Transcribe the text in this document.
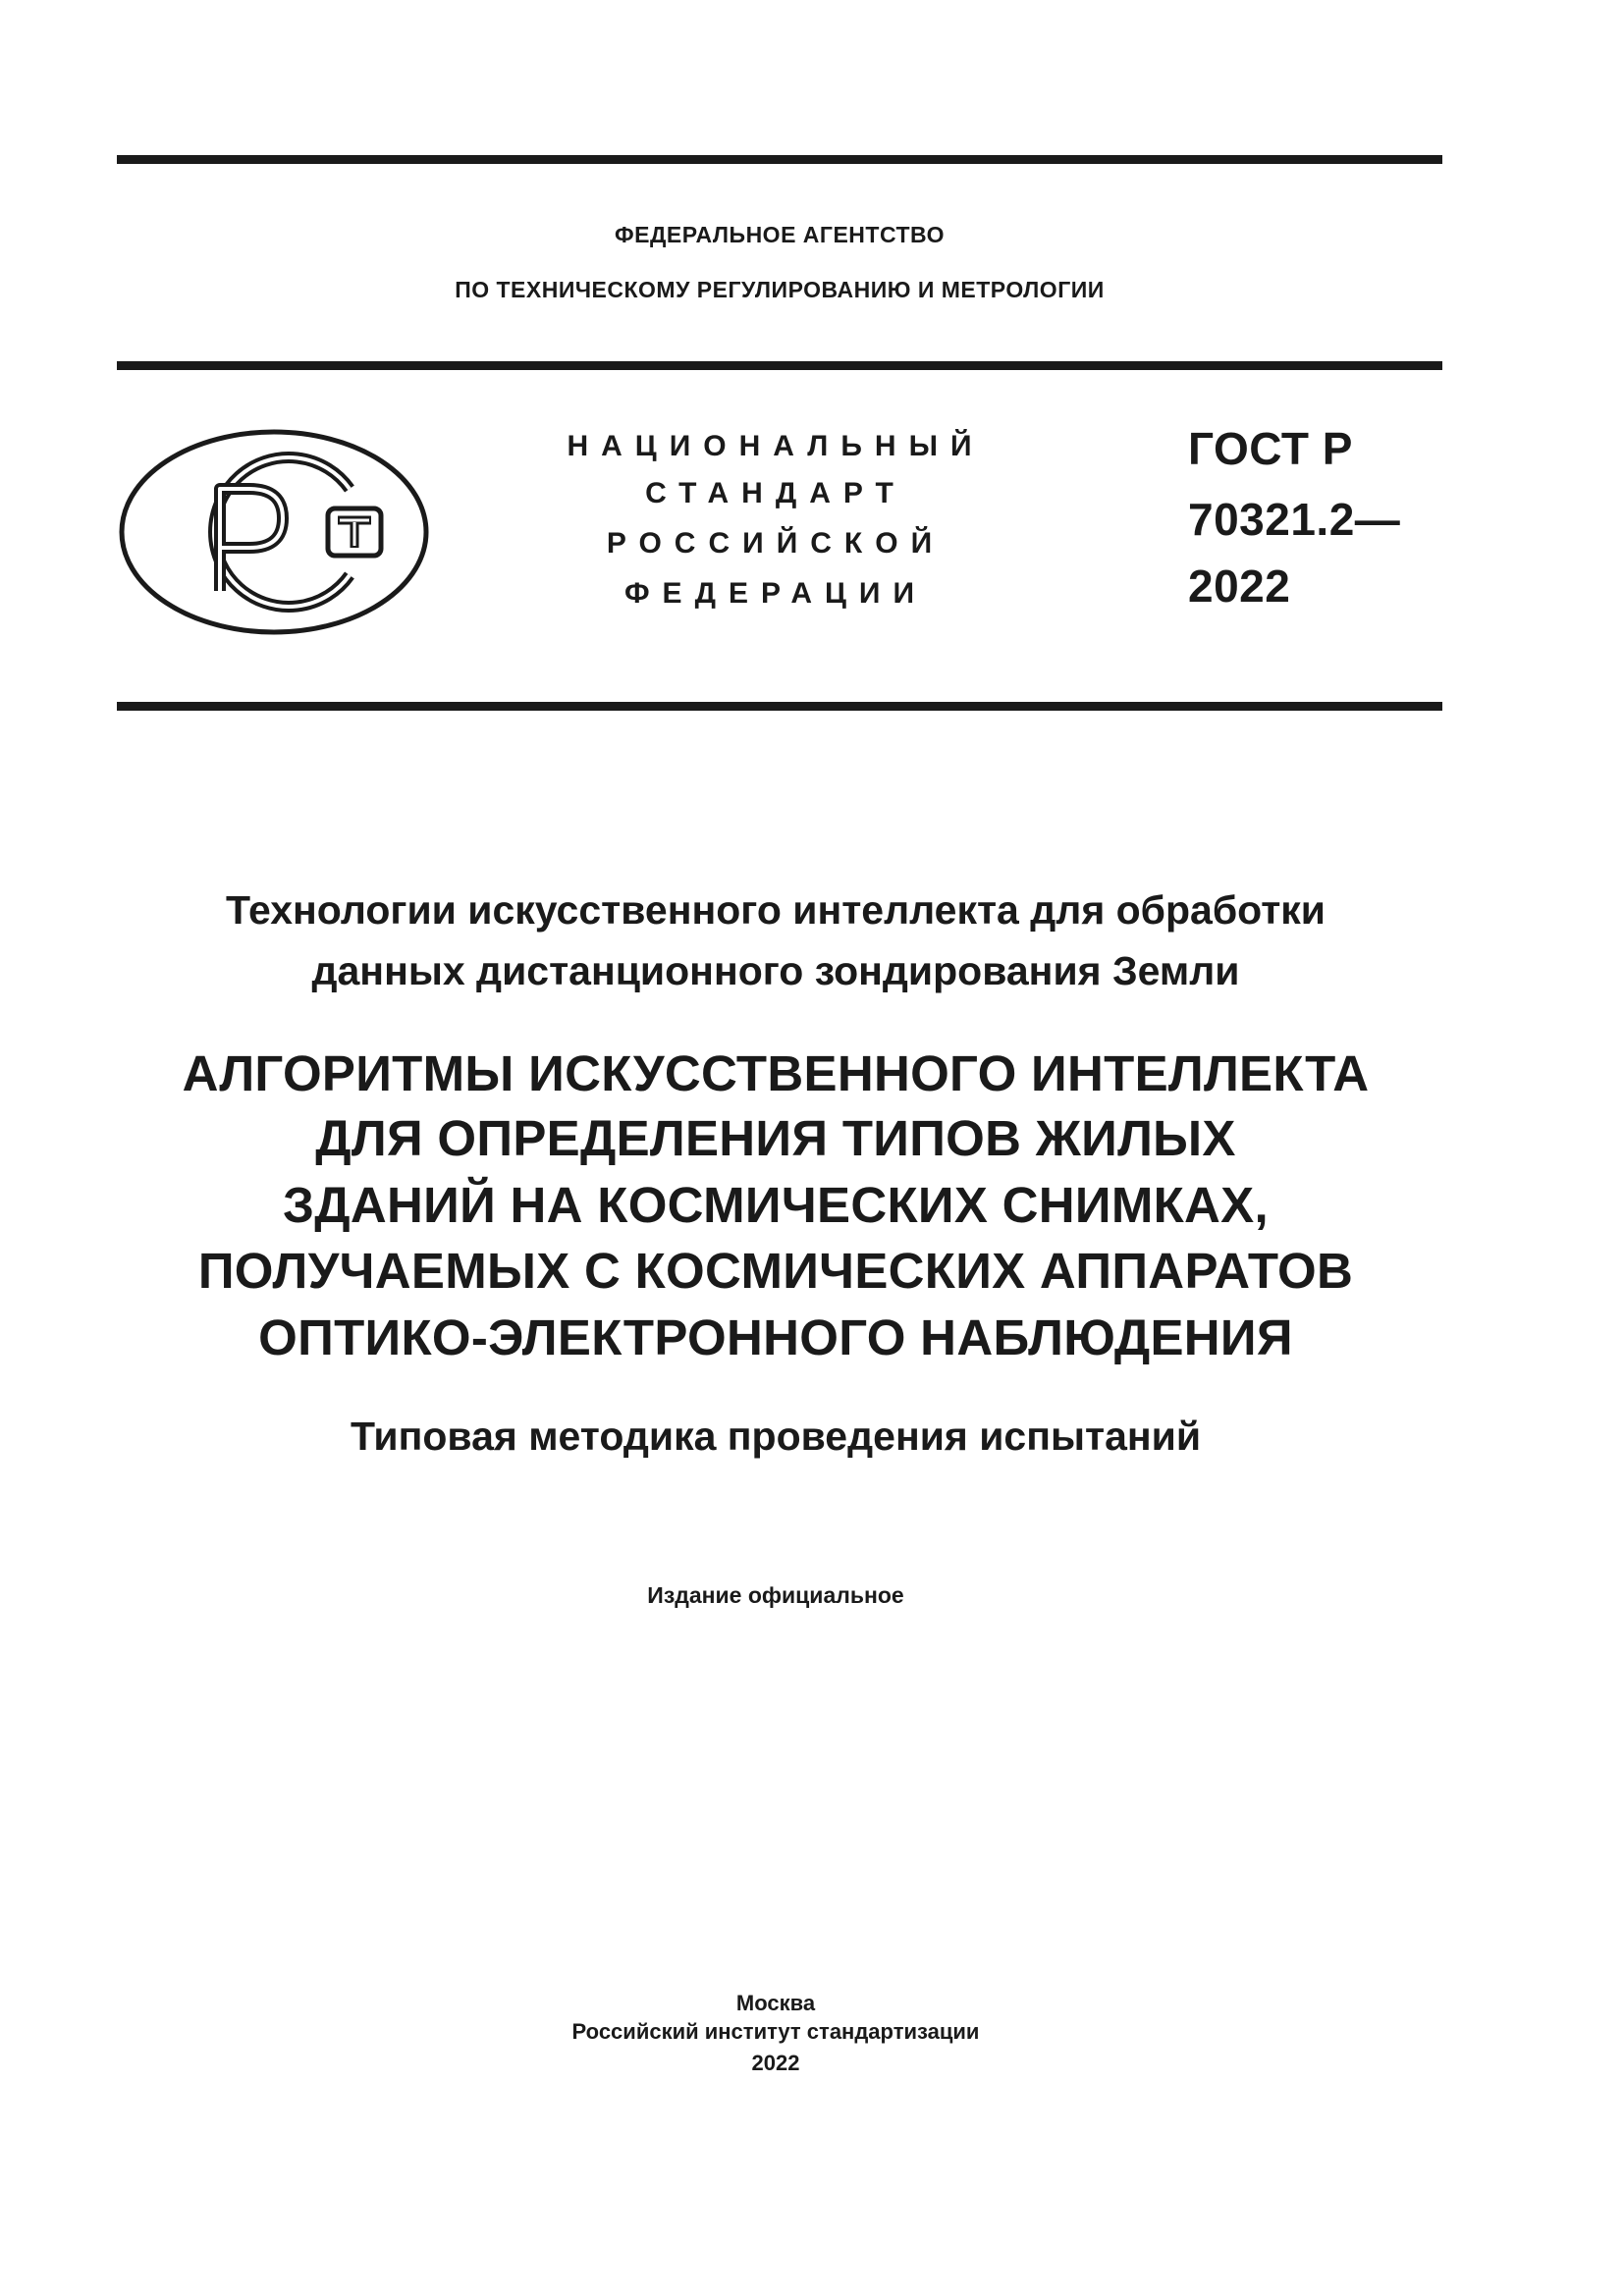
ФЕДЕРАЛЬНОЕ АГЕНТСТВО
ПО ТЕХНИЧЕСКОМУ РЕГУЛИРОВАНИЮ И МЕТРОЛОГИИ
НАЦИОНАЛЬНЫЙ
СТАНДАРТ
РОССИЙСКОЙ
ФЕДЕРАЦИИ
ГОСТ Р
70321.2—
2022
Технологии искусственного интеллекта для обработки
данных дистанционного зондирования Земли
АЛГОРИТМЫ ИСКУССТВЕННОГО ИНТЕЛЛЕКТА
ДЛЯ ОПРЕДЕЛЕНИЯ ТИПОВ ЖИЛЫХ
ЗДАНИЙ НА КОСМИЧЕСКИХ СНИМКАХ,
ПОЛУЧАЕМЫХ С КОСМИЧЕСКИХ АППАРАТОВ
ОПТИКО-ЭЛЕКТРОННОГО НАБЛЮДЕНИЯ
Типовая методика проведения испытаний
Издание официальное
Москва
Российский институт стандартизации
2022
